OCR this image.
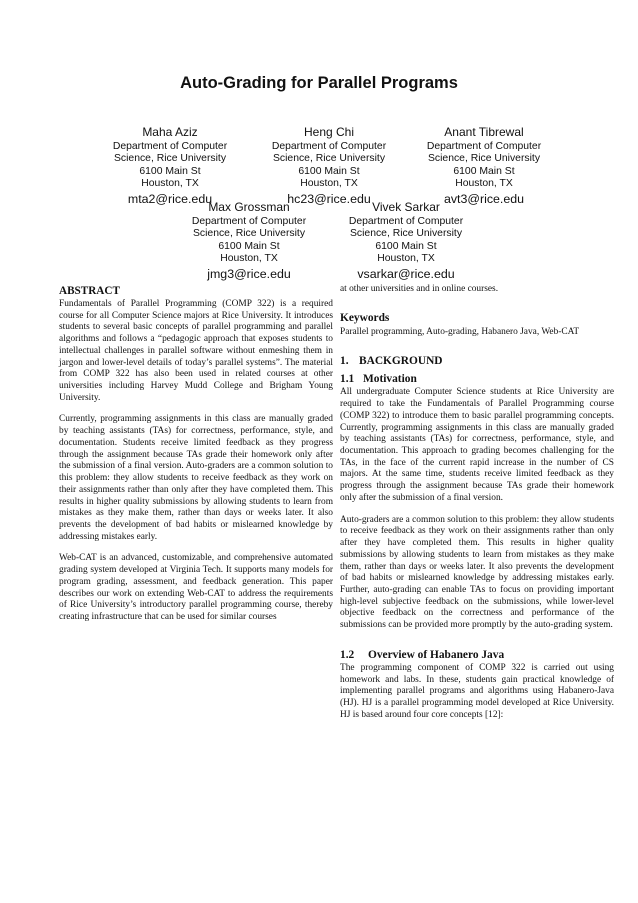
Auto-Grading for Parallel Programs
Maha Aziz
Department of Computer
Science, Rice University
6100 Main St
Houston, TX
mta2@rice.edu
Heng Chi
Department of Computer
Science, Rice University
6100 Main St
Houston, TX
hc23@rice.edu
Anant Tibrewal
Department of Computer
Science, Rice University
6100 Main St
Houston, TX
avt3@rice.edu
Max Grossman
Department of Computer
Science, Rice University
6100 Main St
Houston, TX
jmg3@rice.edu
Vivek Sarkar
Department of Computer
Science, Rice University
6100 Main St
Houston, TX
vsarkar@rice.edu
ABSTRACT

Fundamentals of Parallel Programming (COMP 322) is a required course for all Computer Science majors at Rice University. It introduces students to several basic concepts of parallel programming and parallel algorithms and follows a “pedagogic approach that exposes students to intellectual challenges in parallel software without enmeshing them in jargon and lower-level details of today’s parallel systems”. The material from COMP 322 has also been used in related courses at other universities including Harvey Mudd College and Brigham Young University.

Currently, programming assignments in this class are manually graded by teaching assistants (TAs) for correctness, performance, style, and documentation. Students receive limited feedback as they progress through the assignment because TAs grade their homework only after the submission of a final version. Auto-graders are a common solution to this problem: they allow students to receive feedback as they work on their assignments rather than only after they have completed them. This results in higher quality submissions by allowing students to learn from mistakes as they make them, rather than days or weeks later. It also prevents the development of bad habits or mislearned knowledge by addressing mistakes early.

Web-CAT is an advanced, customizable, and comprehensive automated grading system developed at Virginia Tech. It supports many models for program grading, assessment, and feedback generation. This paper describes our work on extending Web-CAT to address the requirements of Rice University’s introductory parallel programming course, thereby creating infrastructure that can be used for similar courses

at other universities and in online courses.

Keywords

Parallel programming, Auto-grading, Habanero Java, Web-CAT

1. BACKGROUND
1.1 Motivation

All undergraduate Computer Science students at Rice University are required to take the Fundamentals of Parallel Programming course (COMP 322) to introduce them to basic parallel programming concepts. Currently, programming assignments in this class are manually graded by teaching assistants (TAs) for correctness, performance, style, and documentation. This approach to grading becomes challenging for the TAs, in the face of the current rapid increase in the number of CS majors. At the same time, students receive limited feedback as they progress through the assignment because TAs grade their homework only after the submission of a final version.

Auto-graders are a common solution to this problem: they allow students to receive feedback as they work on their assignments rather than only after they have completed them. This results in higher quality submissions by allowing students to learn from mistakes as they make them, rather than days or weeks later. It also prevents the development of bad habits or mislearned knowledge by addressing mistakes early. Further, auto-grading can enable TAs to focus on providing important high-level subjective feedback on the submissions, while lower-level objective feedback on the correctness and performance of the submissions can be provided more promptly by the auto-grading system.

1.2	Overview of Habanero Java

The programming component of COMP 322 is carried out using homework and labs. In these, students gain practical knowledge of implementing parallel programs and algorithms using Habanero-Java (HJ). HJ is a parallel programming model developed at Rice University. HJ is based around four core concepts [12]:
